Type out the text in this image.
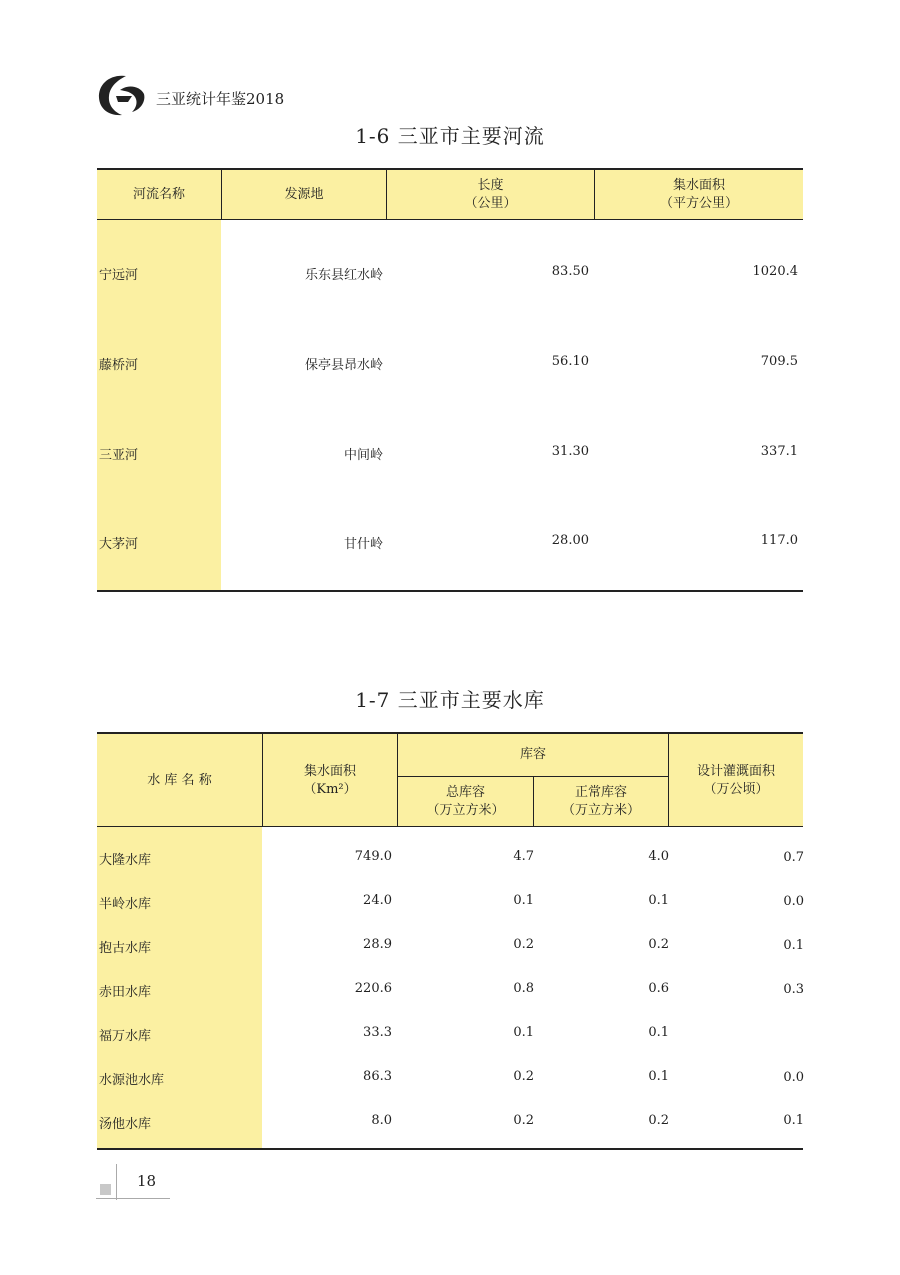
三亚统计年鉴2018
1-6 三亚市主要河流
河流名称	发源地
长度
（公里）
集水面积
（平方公里）
宁远河	乐东县红水岭	83.50	1020.4
藤桥河	保亭县昂水岭	56.10	709.5
三亚河	中间岭	31.30	337.1
大茅河	甘什岭	28.00	117.0
1-7 三亚市主要水库
水 库 名 称
集水面积
（Km²）
库容
总库容
（万立方米）
正常库容
（万立方米）
设计灌溉面积
（万公顷）
大隆水库	749.0	4.7	4.0	0.7
半岭水库	24.0	0.1	0.1	0.0
抱古水库	28.9	0.2	0.2	0.1
赤田水库	220.6	0.8	0.6	0.3
福万水库	33.3	0.1	0.1
水源池水库	86.3	0.2	0.1	0.0
汤他水库	8.0	0.2	0.2	0.1
18
